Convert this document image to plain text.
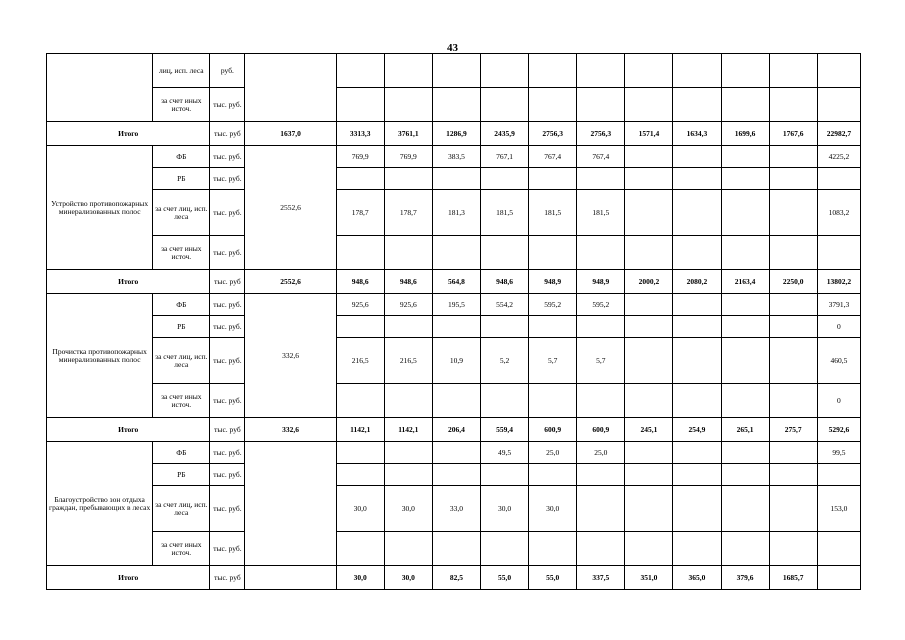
43
	лиц, исп. леса	руб.												
	за счет иных источ.	тыс. руб.												
Итого		тыс. руб	1637,0	3313,3	3761,1	1286,9	2435,9	2756,3	2756,3	1571,4	1634,3	1699,6	1767,6	22982,7
Устройство противопожарных минерализованных полос	ФБ	тыс. руб.	2552,6	769,9	769,9	383,5	767,1	767,4	767,4					4225,2
	РБ	тыс. руб.												
	за счет лиц, исп. леса	тыс. руб.		178,7	178,7	181,3	181,5	181,5	181,5					1083,2
	за счет иных источ.	тыс. руб.												
Итого		тыс. руб	2552,6	948,6	948,6	564,8	948,6	948,9	948,9	2000,2	2080,2	2163,4	2250,0	13802,2
Прочистка противопожарных минерализованных полос	ФБ	тыс. руб.	332,6	925,6	925,6	195,5	554,2	595,2	595,2					3791,3
	РБ	тыс. руб.												0
	за счет лиц, исп. леса	тыс. руб.		216,5	216,5	10,9	5,2	5,7	5,7					460,5
	за счет иных источ.	тыс. руб.												0
Итого		тыс. руб	332,6	1142,1	1142,1	206,4	559,4	600,9	600,9	245,1	254,9	265,1	275,7	5292,6
Благоустройство зон отдыха граждан, пребывающих в лесах	ФБ	тыс. руб.					49,5	25,0	25,0					99,5
	РБ	тыс. руб.												
	за счет лиц, исп. леса	тыс. руб.		30,0	30,0	33,0	30,0	30,0						153,0
	за счет иных источ.	тыс. руб.												
Итого		тыс. руб		30,0	30,0	82,5	55,0	55,0	337,5	351,0	365,0	379,6	1685,7	
